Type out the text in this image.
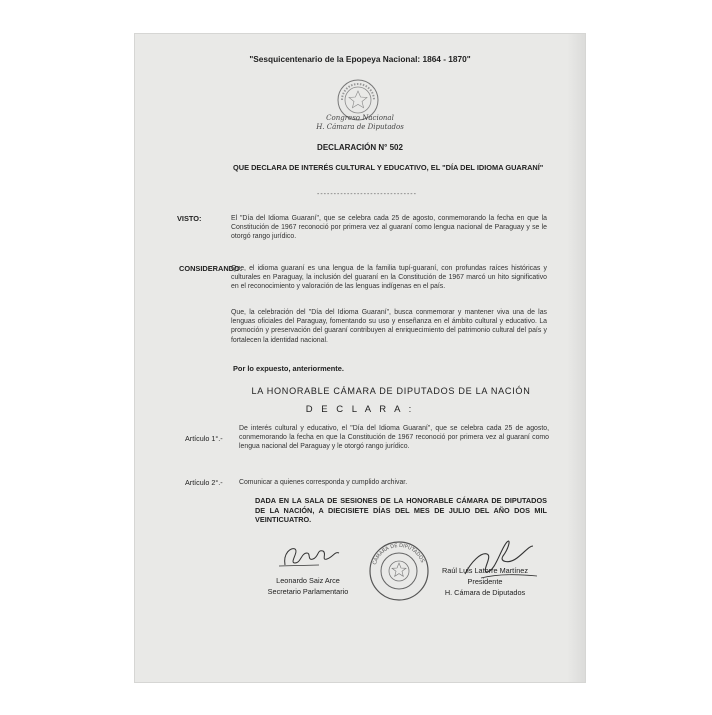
"Sesquicentenario de la Epopeya Nacional: 1864 - 1870"
Congreso Nacional
H. Cámara de Diputados
DECLARACIÓN N° 502
QUE DECLARA DE INTERÉS CULTURAL Y EDUCATIVO, EL "DÍA DEL IDIOMA GUARANÍ"
------------------------------
VISTO:	El "Día del Idioma Guaraní", que se celebra cada 25 de agosto, conmemorando la fecha en que la Constitución de 1967 reconoció por primera vez al guaraní como lengua nacional de Paraguay y se le otorgó rango jurídico.
CONSIDERANDO:
Que, el idioma guaraní es una lengua de la familia tupí-guaraní, con profundas raíces históricas y culturales en Paraguay, la inclusión del guaraní en la Constitución de 1967 marcó un hito significativo en el reconocimiento y valoración de las lenguas indígenas en el país.
Que, la celebración del "Día del Idioma Guaraní", busca conmemorar y mantener viva una de las lenguas oficiales del Paraguay, fomentando su uso y enseñanza en el ámbito cultural y educativo. La promoción y preservación del guaraní contribuyen al enriquecimiento del patrimonio cultural del país y fortalecen la identidad nacional.
Por lo expuesto, anteriormente.
LA HONORABLE CÁMARA DE DIPUTADOS DE LA NACIÓN
D E C L A R A :
Artículo 1°.-
De interés cultural y educativo, el "Día del Idioma Guaraní", que se celebra cada 25 de agosto, conmemorando la fecha en que la Constitución de 1967 reconoció por primera vez al guaraní como lengua nacional del Paraguay y le otorgó rango jurídico.
Artículo 2°.- Comunicar a quienes corresponda y cumplido archivar.
DADA EN LA SALA DE SESIONES DE LA HONORABLE CÁMARA DE DIPUTADOS DE LA NACIÓN, A DIECISIETE DÍAS DEL MES DE JULIO DEL AÑO DOS MIL VEINTICUATRO.
CÁMARA DE DIPUTADOS
Leonardo Saiz Arce
Secretario Parlamentario
Raúl Luis Latorre Martínez
Presidente
H. Cámara de Diputados
